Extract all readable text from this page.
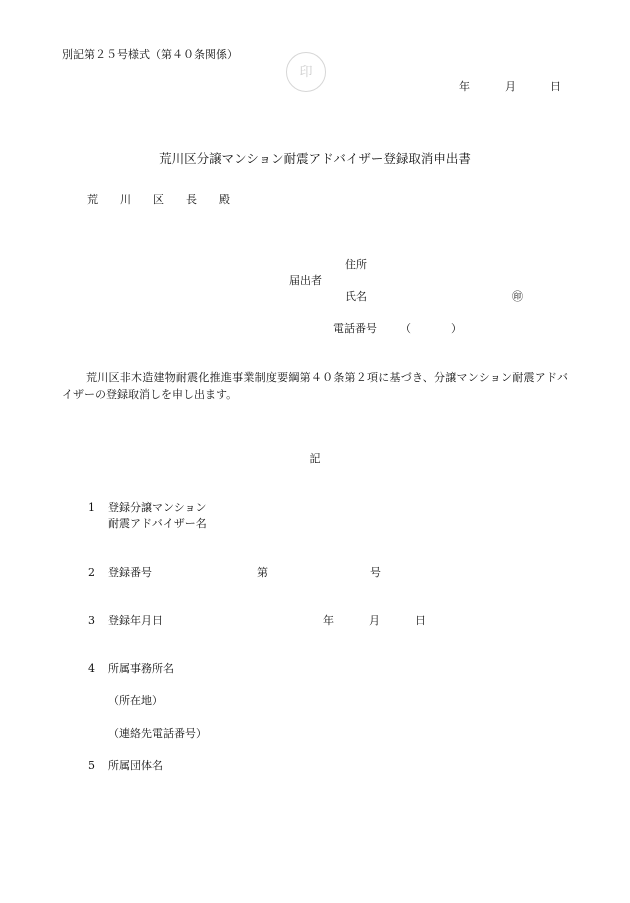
別記第２５号様式（第４０条関係）
印
年	月	日
荒川区分譲マンション耐震アドバイザー登録取消申出書
荒　　川　　区　　長　　殿
住所
届出者
氏名	㊞
電話番号 （	）
荒川区非木造建物耐震化推進事業制度要綱第４０条第２項に基づき、分譲マンション耐震アドバ
イザーの登録取消しを申し出ます。
記
1 登録分譲マンション
耐震アドバイザー名
2 登録番号	第	号
3 登録年月日	年	月	日
4 所属事務所名
（所在地）
（連絡先電話番号）
5 所属団体名
